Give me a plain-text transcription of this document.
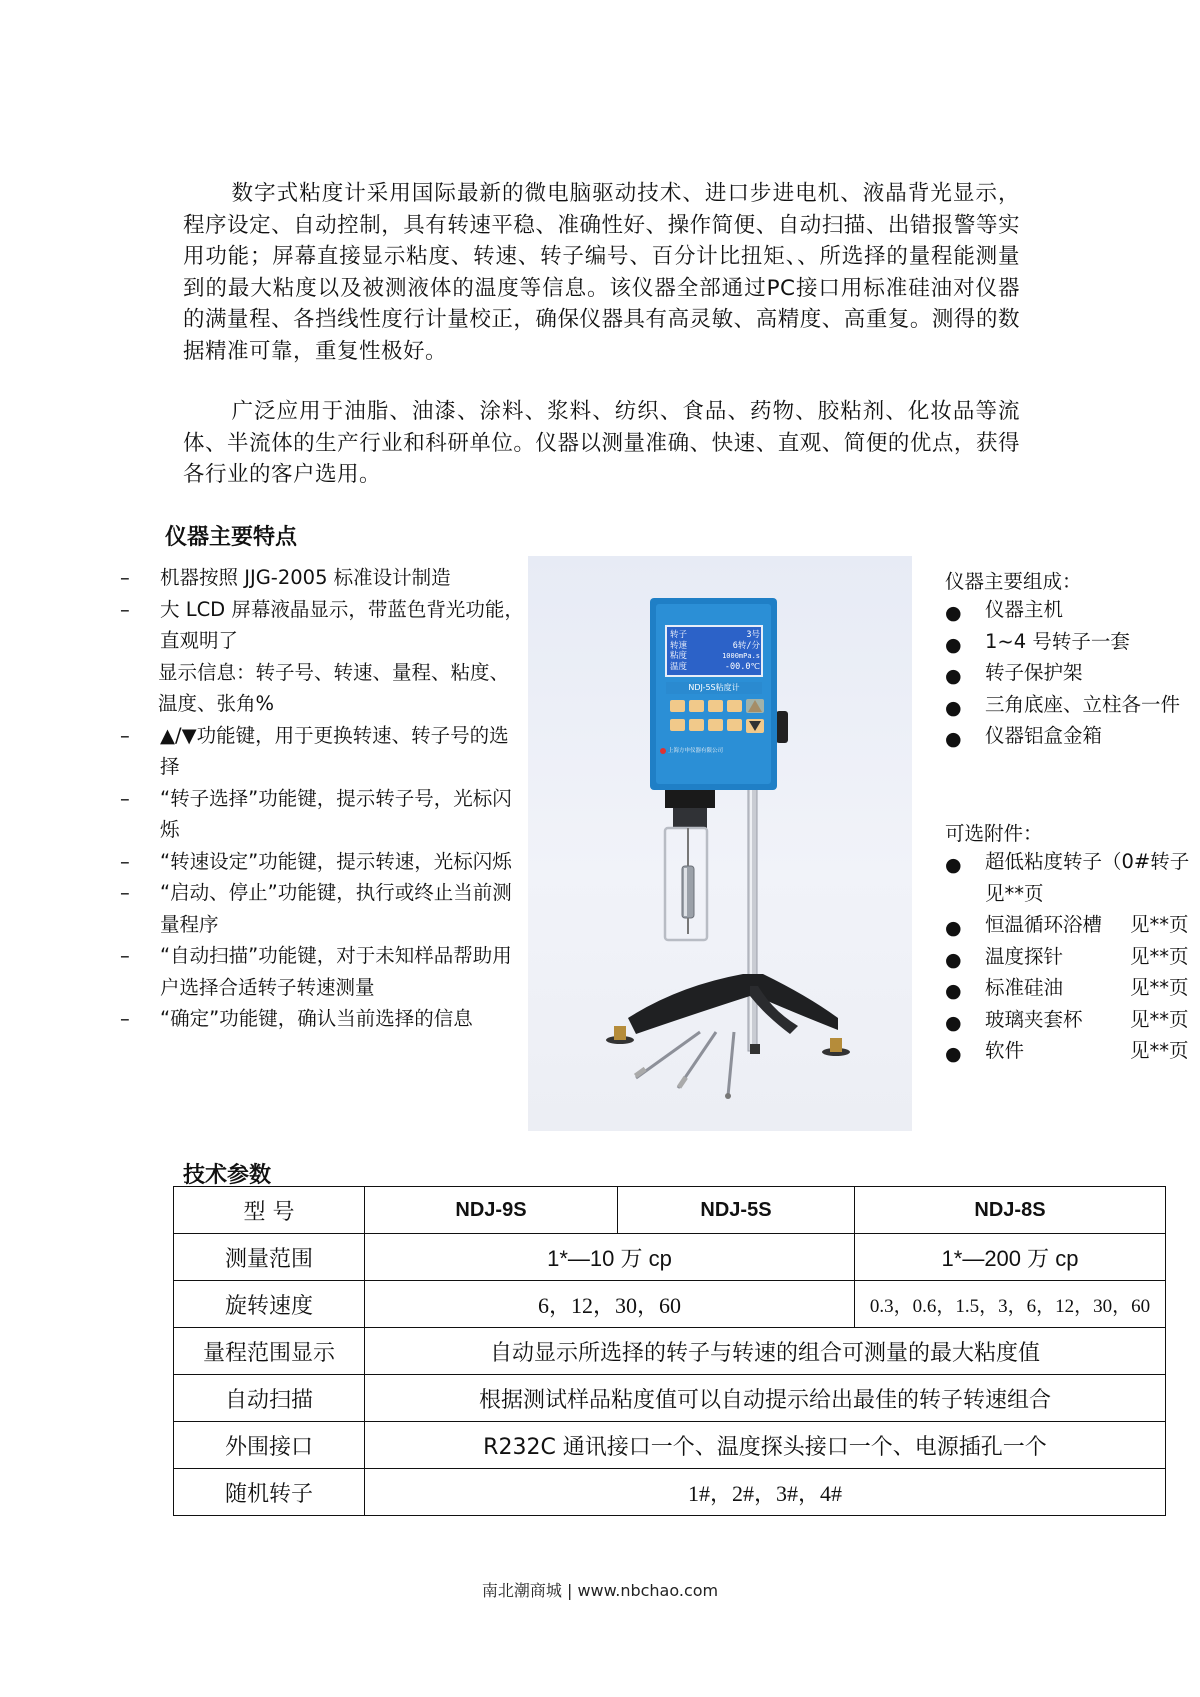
数字式粘度计采用国际最新的微电脑驱动技术、进口步进电机、液晶背光显示，程序设定、自动控制，具有转速平稳、准确性好、操作简便、自动扫描、出错报警等实用功能；屏幕直接显示粘度、转速、转子编号、百分计比扭矩、、所选择的量程能测量到的最大粘度以及被测液体的温度等信息。该仪器全部通过PC接口用标准硅油对仪器的满量程、各挡线性度行计量校正，确保仪器具有高灵敏、高精度、高重复。测得的数据精准可靠，重复性极好。

广泛应用于油脂、油漆、涂料、浆料、纺织、食品、药物、胶粘剂、化妆品等流体、半流体的生产行业和科研单位。仪器以测量准确、快速、直观、简便的优点，获得各行业的客户选用。

仪器主要特点
– 机器按照 JJG-2005 标准设计制造
– 大 LCD 屏幕液晶显示，带蓝色背光功能，直观明了
显示信息：转子号、转速、量程、粘度、温度、张角%
– ▲/▼功能键，用于更换转速、转子号的选择
– “转子选择”功能键，提示转子号，光标闪烁
– “转速设定”功能键，提示转速，光标闪烁
– “启动、停止”功能键，执行或终止当前测量程序
– “自动扫描”功能键，对于未知样品帮助用户选择合适转子转速测量
– “确定”功能键，确认当前选择的信息
转子	3号
转速	6转/分
粘度	1000mPa.s
温度	-00.0℃
NDJ-5S粘度计
上海方申仪器有限公司
仪器主要组成：
● 仪器主机
● 1~4 号转子一套
● 转子保护架
● 三角底座、立柱各一件
● 仪器铝盒金箱
可选附件：
● 超低粘度转子（0#转子
见**页
● 恒温循环浴槽 见**页
● 温度探针	见**页
● 标准硅油	见**页
● 玻璃夹套杯 见**页
● 软件	见**页
技术参数
型 号	NDJ-9S	NDJ-5S	NDJ-8S
测量范围	1*—10 万 cp		1*—200 万 cp
旋转速度	6，12，30，60		0.3，0.6，1.5，3，6，12，30，60
量程范围显示	自动显示所选择的转子与转速的组合可测量的最大粘度值		
自动扫描	根据测试样品粘度值可以自动提示给出最佳的转子转速组合		
外围接口	R232C 通讯接口一个、温度探头接口一个、电源插孔一个		
随机转子	1#，2#，3#，4#		
南北潮商城 | www.nbchao.com
